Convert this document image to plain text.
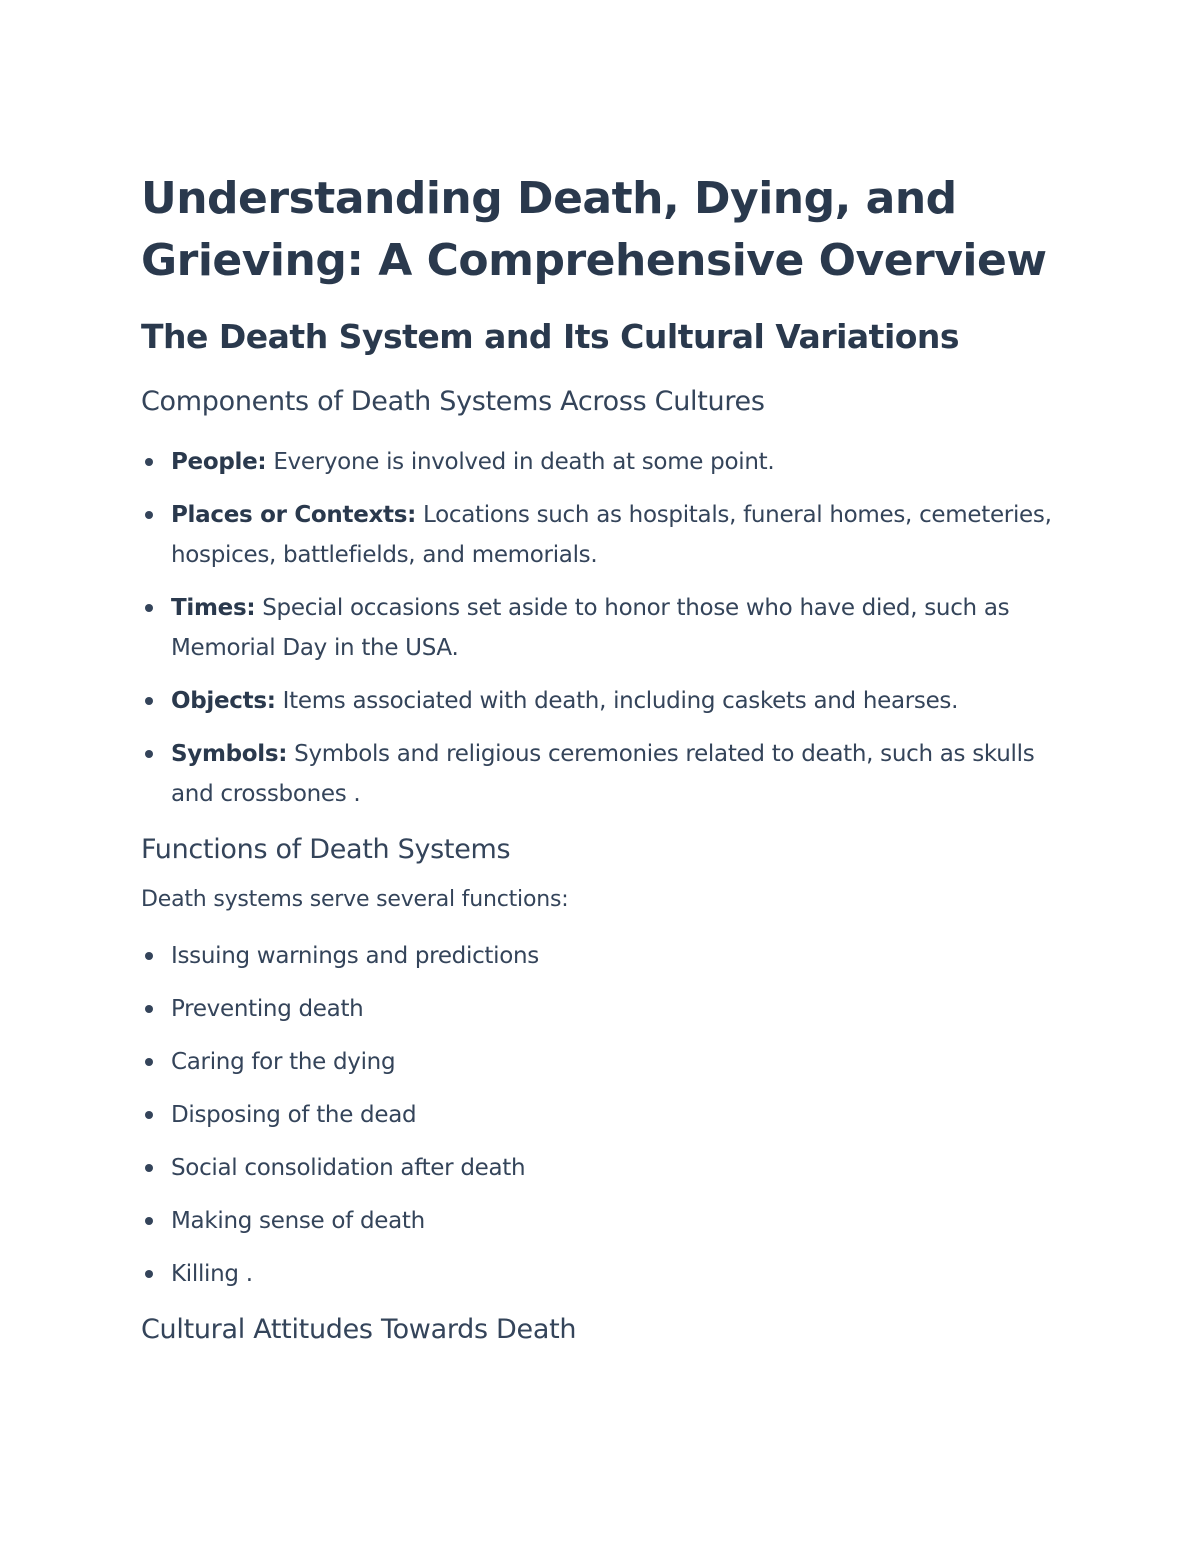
Understanding Death, Dying, and Grieving: A Comprehensive Overview
The Death System and Its Cultural Variations
Components of Death Systems Across Cultures
People: Everyone is involved in death at some point.
Places or Contexts: Locations such as hospitals, funeral homes, cemeteries, hospices, battlefields, and memorials.
Times: Special occasions set aside to honor those who have died, such as Memorial Day in the USA.
Objects: Items associated with death, including caskets and hearses.
Symbols: Symbols and religious ceremonies related to death, such as skulls and crossbones .
Functions of Death Systems

Death systems serve several functions:

Issuing warnings and predictions
Preventing death
Caring for the dying
Disposing of the dead
Social consolidation after death
Making sense of death
Killing .
Cultural Attitudes Towards Death
